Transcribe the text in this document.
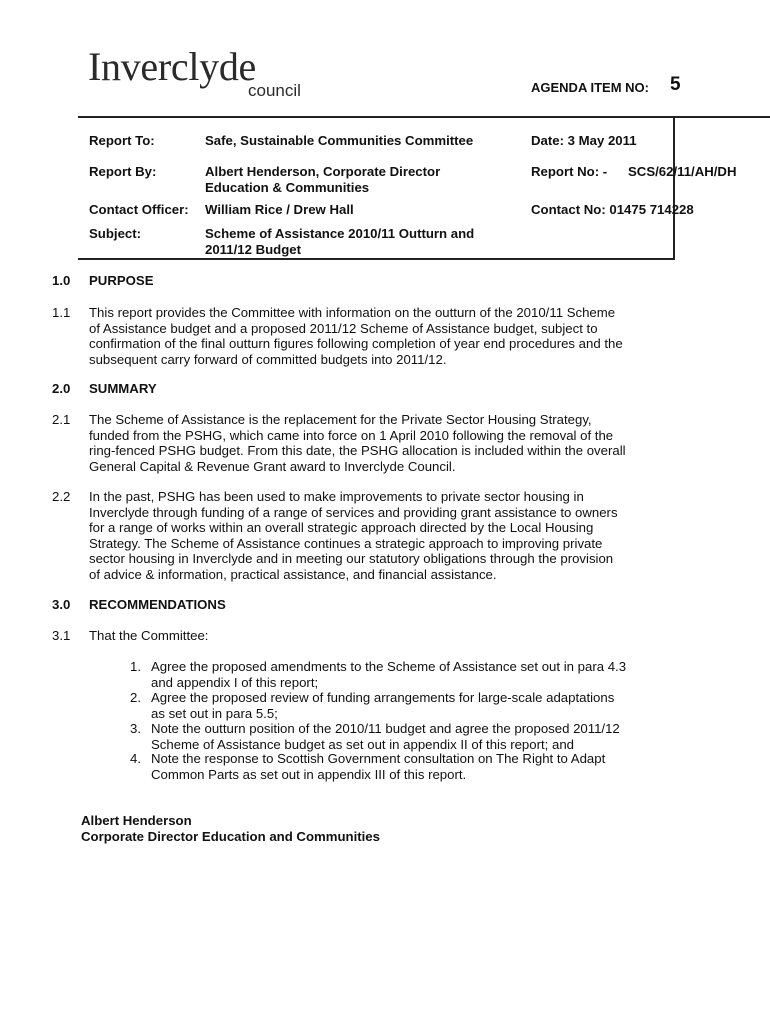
Inverclyde
council	AGENDA ITEM NO: 5
Report To:	Safe, Sustainable Communities Committee	Date: 3 May 2011
Report By:	Albert Henderson, Corporate Director
Education & Communities
Report No: - SCS/62/11/AH/DH
Contact Officer: William Rice / Drew Hall	Contact No: 01475 714228
Subject:	Scheme of Assistance 2010/11 Outturn and
2011/12 Budget
1.0 PURPOSE
1.1 This report provides the Committee with information on the outturn of the 2010/11 Scheme
of Assistance budget and a proposed 2011/12 Scheme of Assistance budget, subject to
confirmation of the final outturn figures following completion of year end procedures and the
subsequent carry forward of committed budgets into 2011/12.
2.0 SUMMARY
2.1 The Scheme of Assistance is the replacement for the Private Sector Housing Strategy,
funded from the PSHG, which came into force on 1 April 2010 following the removal of the
ring-fenced PSHG budget. From this date, the PSHG allocation is included within the overall
General Capital & Revenue Grant award to Inverclyde Council.
2.2 In the past, PSHG has been used to make improvements to private sector housing in
Inverclyde through funding of a range of services and providing grant assistance to owners
for a range of works within an overall strategic approach directed by the Local Housing
Strategy. The Scheme of Assistance continues a strategic approach to improving private
sector housing in Inverclyde and in meeting our statutory obligations through the provision
of advice & information, practical assistance, and financial assistance.
3.0 RECOMMENDATIONS
3.1 That the Committee:
1. Agree the proposed amendments to the Scheme of Assistance set out in para 4.3
and appendix I of this report;
2. Agree the proposed review of funding arrangements for large-scale adaptations
as set out in para 5.5;
3. Note the outturn position of the 2010/11 budget and agree the proposed 2011/12
Scheme of Assistance budget as set out in appendix II of this report; and
4. Note the response to Scottish Government consultation on The Right to Adapt
Common Parts as set out in appendix III of this report.
Albert Henderson
Corporate Director Education and Communities
